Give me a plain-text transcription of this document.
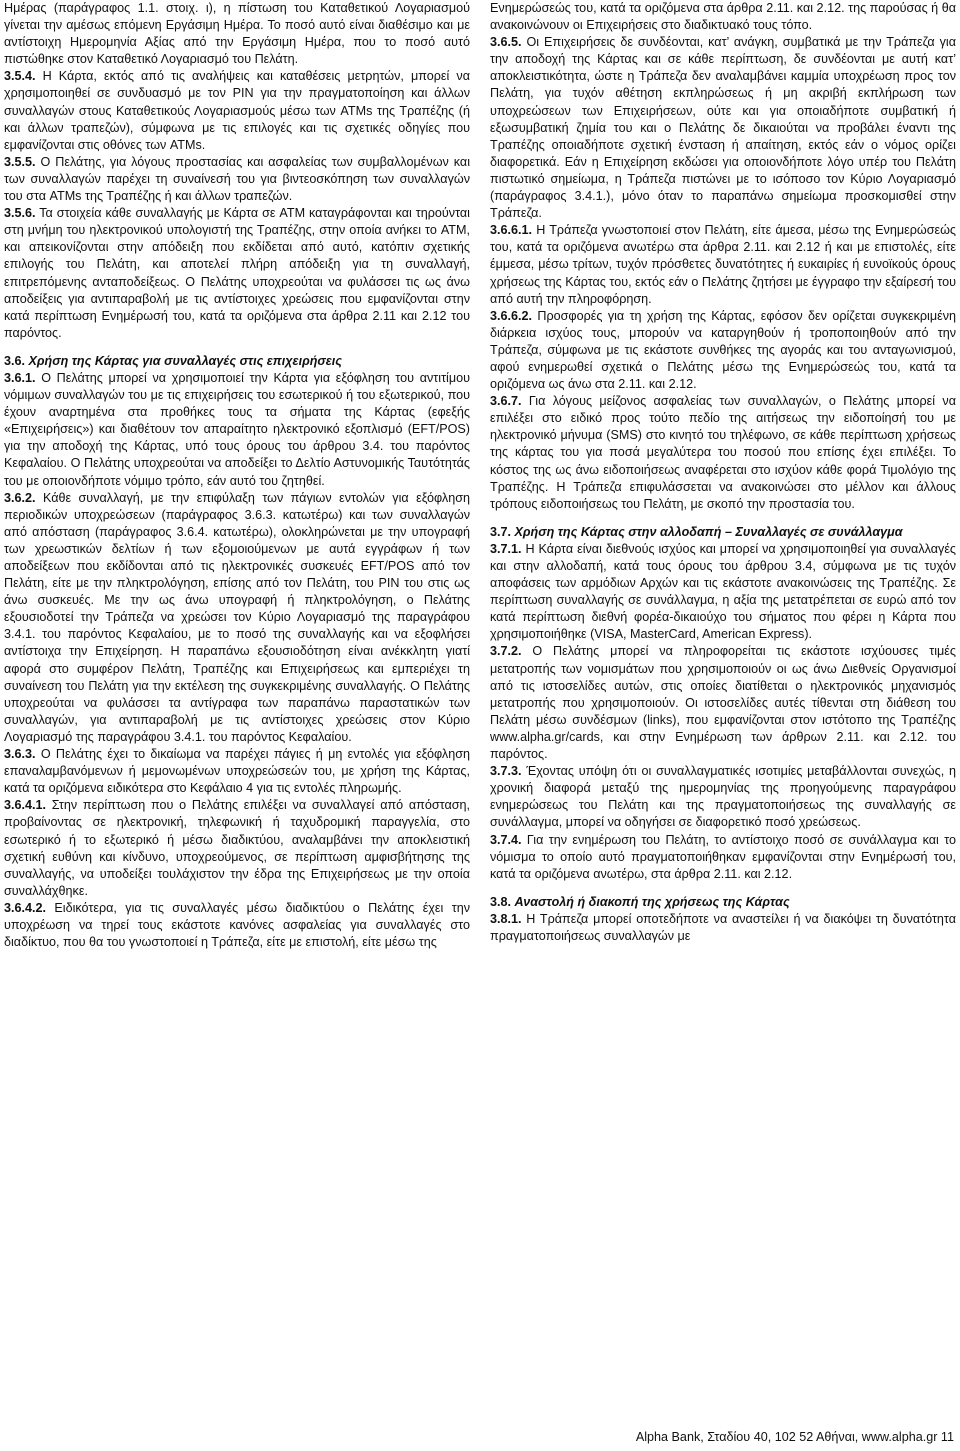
Ημέρας (παράγραφος 1.1. στοιχ. ι), η πίστωση του Καταθετικού Λογαριασμού γίνεται την αμέσως επόμενη Εργάσιμη Ημέρα. Το ποσό αυτό είναι διαθέσιμο και με αντίστοιχη Ημερομηνία Αξίας από την Εργάσιμη Ημέρα, που το ποσό αυτό πιστώθηκε στον Καταθετικό Λογαριασμό του Πελάτη.

3.5.4. Η Κάρτα, εκτός από τις αναλήψεις και καταθέσεις μετρητών, μπορεί να χρησιμοποιηθεί σε συνδυασμό με τον PIN για την πραγματοποίηση και άλλων συναλλαγών στους Καταθετικούς Λογαριασμούς μέσω των ATMs της Τραπέζης (ή και άλλων τραπεζών), σύμφωνα με τις επιλογές και τις σχετικές οδηγίες που εμφανίζονται στις οθόνες των ATMs.

3.5.5. Ο Πελάτης, για λόγους προστασίας και ασφαλείας των συμβαλλομένων και των συναλλαγών παρέχει τη συναίνεσή του για βιντεοσκόπηση των συναλλαγών του στα ATMs της Τραπέζης ή και άλλων τραπεζών.

3.5.6. Τα στοιχεία κάθε συναλλαγής με Κάρτα σε ATM καταγράφονται και τηρούνται στη μνήμη του ηλεκτρονικού υπολογιστή της Τραπέζης, στην οποία ανήκει το ATM, και απεικονίζονται στην απόδειξη που εκδίδεται από αυτό, κατόπιν σχετικής επιλογής του Πελάτη, και αποτελεί πλήρη απόδειξη για τη συναλλαγή, επιτρεπόμενης ανταποδείξεως. Ο Πελάτης υποχρεούται να φυλάσσει τις ως άνω αποδείξεις για αντιπαραβολή με τις αντίστοιχες χρεώσεις που εμφανίζονται στην κατά περίπτωση Ενημέρωσή του, κατά τα οριζόμενα στα άρθρα 2.11 και 2.12 του παρόντος.

3.6. Χρήση της Κάρτας για συναλλαγές στις επιχειρήσεις

3.6.1. Ο Πελάτης μπορεί να χρησιμοποιεί την Κάρτα για εξόφληση του αντιτίμου νόμιμων συναλλαγών του με τις επιχειρήσεις του εσωτερικού ή του εξωτερικού, που έχουν αναρτημένα στα προθήκες τους τα σήματα της Κάρτας (εφεξής «Επιχειρήσεις») και διαθέτουν τον απαραίτητο ηλεκτρονικό εξοπλισμό (EFT/POS) για την αποδοχή της Κάρτας, υπό τους όρους του άρθρου 3.4. του παρόντος Κεφαλαίου. Ο Πελάτης υποχρεούται να αποδείξει το Δελτίο Αστυνομικής Ταυτότητάς του με οποιονδήποτε νόμιμο τρόπο, εάν αυτό του ζητηθεί.

3.6.2. Κάθε συναλλαγή, με την επιφύλαξη των πάγιων εντολών για εξόφληση περιοδικών υποχρεώσεων (παράγραφος 3.6.3. κατωτέρω) και των συναλλαγών από απόσταση (παράγραφος 3.6.4. κατωτέρω), ολοκληρώνεται με την υπογραφή των χρεωστικών δελτίων ή των εξομοιούμενων με αυτά εγγράφων ή των αποδείξεων που εκδίδονται από τις ηλεκτρονικές συσκευές EFT/POS από τον Πελάτη, είτε με την πληκτρολόγηση, επίσης από τον Πελάτη, του PIN του στις ως άνω συσκευές. Με την ως άνω υπογραφή ή πληκτρολόγηση, ο Πελάτης εξουσιοδοτεί την Τράπεζα να χρεώσει τον Κύριο Λογαριασμό της παραγράφου 3.4.1. του παρόντος Κεφαλαίου, με το ποσό της συναλλαγής και να εξοφλήσει αντίστοιχα την Επιχείρηση. Η παραπάνω εξουσιοδότηση είναι ανέκκλητη γιατί αφορά στο συμφέρον Πελάτη, Τραπέζης και Επιχειρήσεως και εμπεριέχει τη συναίνεση του Πελάτη για την εκτέλεση της συγκεκριμένης συναλλαγής. Ο Πελάτης υποχρεούται να φυλάσσει τα αντίγραφα των παραπάνω παραστατικών των συναλλαγών, για αντιπαραβολή με τις αντίστοιχες χρεώσεις στον Κύριο Λογαριασμό της παραγράφου 3.4.1. του παρόντος Κεφαλαίου.

3.6.3. Ο Πελάτης έχει το δικαίωμα να παρέχει πάγιες ή μη εντολές για εξόφληση επαναλαμβανόμενων ή μεμονωμένων υποχρεώσεών του, με χρήση της Κάρτας, κατά τα οριζόμενα ειδικότερα στο Κεφάλαιο 4 για τις εντολές πληρωμής.

3.6.4.1. Στην περίπτωση που ο Πελάτης επιλέξει να συναλλαγεί από απόσταση, προβαίνοντας σε ηλεκτρονική, τηλεφωνική ή ταχυδρομική παραγγελία, στο εσωτερικό ή το εξωτερικό ή μέσω διαδικτύου, αναλαμβάνει την αποκλειστική σχετική ευθύνη και κίνδυνο, υποχρεούμενος, σε περίπτωση αμφισβήτησης της συναλλαγής, να υποδείξει τουλάχιστον την έδρα της Επιχειρήσεως με την οποία συναλλάχθηκε.

3.6.4.2. Ειδικότερα, για τις συναλλαγές μέσω διαδικτύου ο Πελάτης έχει την υποχρέωση να τηρεί τους εκάστοτε κανόνες ασφαλείας για συναλλαγές στο διαδίκτυο, που θα του γνωστοποιεί η Τράπεζα, είτε με επιστολή, είτε μέσω της

Ενημερώσεώς του, κατά τα οριζόμενα στα άρθρα 2.11. και 2.12. της παρούσας ή θα ανακοινώνουν οι Επιχειρήσεις στο διαδικτυακό τους τόπο.

3.6.5. Οι Επιχειρήσεις δε συνδέονται, κατ’ ανάγκη, συμβατικά με την Τράπεζα για την αποδοχή της Κάρτας και σε κάθε περίπτωση, δε συνδέονται με αυτή κατ’ αποκλειστικότητα, ώστε η Τράπεζα δεν αναλαμβάνει καμμία υποχρέωση προς τον Πελάτη, για τυχόν αθέτηση εκπληρώσεως ή μη ακριβή εκπλήρωση των υποχρεώσεων των Επιχειρήσεων, ούτε και για οποιαδήποτε συμβατική ή εξωσυμβατική ζημία του και ο Πελάτης δε δικαιούται να προβάλει έναντι της Τραπέζης οποιαδήποτε σχετική ένσταση ή απαίτηση, εκτός εάν ο νόμος ορίζει διαφορετικά. Εάν η Επιχείρηση εκδώσει για οποιονδήποτε λόγο υπέρ του Πελάτη πιστωτικό σημείωμα, η Τράπεζα πιστώνει με το ισόποσο τον Κύριο Λογαριασμό (παράγραφος 3.4.1.), μόνο όταν το παραπάνω σημείωμα προσκομισθεί στην Τράπεζα.

3.6.6.1. Η Τράπεζα γνωστοποιεί στον Πελάτη, είτε άμεσα, μέσω της Ενημερώσεώς του, κατά τα οριζόμενα ανωτέρω στα άρθρα 2.11. και 2.12 ή και με επιστολές, είτε έμμεσα, μέσω τρίτων, τυχόν πρόσθετες δυνατότητες ή ευκαιρίες ή ευνοϊκούς όρους χρήσεως της Κάρτας του, εκτός εάν ο Πελάτης ζητήσει με έγγραφο την εξαίρεσή του από αυτή την πληροφόρηση.

3.6.6.2. Προσφορές για τη χρήση της Κάρτας, εφόσον δεν ορίζεται συγκεκριμένη διάρκεια ισχύος τους, μπορούν να καταργηθούν ή τροποποιηθούν από την Τράπεζα, σύμφωνα με τις εκάστοτε συνθήκες της αγοράς και του ανταγωνισμού, αφού ενημερωθεί σχετικά ο Πελάτης μέσω της Ενημερώσεώς του, κατά τα οριζόμενα ως άνω στα 2.11. και 2.12.

3.6.7. Για λόγους μείζονος ασφαλείας των συναλλαγών, ο Πελάτης μπορεί να επιλέξει στο ειδικό προς τούτο πεδίο της αιτήσεως την ειδοποίησή του με ηλεκτρονικό μήνυμα (SMS) στο κινητό του τηλέφωνο, σε κάθε περίπτωση χρήσεως της κάρτας του για ποσά μεγαλύτερα του ποσού που επίσης έχει επιλέξει. Το κόστος της ως άνω ειδοποιήσεως αναφέρεται στο ισχύον κάθε φορά Τιμολόγιο της Τραπέζης. Η Τράπεζα επιφυλάσσεται να ανακοινώσει στο μέλλον και άλλους τρόπους ειδοποιήσεως του Πελάτη, με σκοπό την προστασία του.

3.7. Χρήση της Κάρτας στην αλλοδαπή – Συναλλαγές σε συνάλλαγμα

3.7.1. Η Κάρτα είναι διεθνούς ισχύος και μπορεί να χρησιμοποιηθεί για συναλλαγές και στην αλλοδαπή, κατά τους όρους του άρθρου 3.4, σύμφωνα με τις τυχόν αποφάσεις των αρμόδιων Αρχών και τις εκάστοτε ανακοινώσεις της Τραπέζης. Σε περίπτωση συναλλαγής σε συνάλλαγμα, η αξία της μετατρέπεται σε ευρώ από τον κατά περίπτωση διεθνή φορέα-δικαιούχο του σήματος που φέρει η Κάρτα που χρησιμοποιήθηκε (VISA, MasterCard, American Express).

3.7.2. Ο Πελάτης μπορεί να πληροφορείται τις εκάστοτε ισχύουσες τιμές μετατροπής των νομισμάτων που χρησιμοποιούν οι ως άνω Διεθνείς Οργανισμοί από τις ιστοσελίδες αυτών, στις οποίες διατίθεται ο ηλεκτρονικός μηχανισμός μετατροπής που χρησιμοποιούν. Οι ιστοσελίδες αυτές τίθενται στη διάθεση του Πελάτη μέσω συνδέσμων (links), που εμφανίζονται στον ιστότοπο της Τραπέζης www.alpha.gr/cards, και στην Ενημέρωση των άρθρων 2.11. και 2.12. του παρόντος.

3.7.3. Έχοντας υπόψη ότι οι συναλλαγματικές ισοτιμίες μεταβάλλονται συνεχώς, η χρονική διαφορά μεταξύ της ημερομηνίας της προηγούμενης παραγράφου ενημερώσεως του Πελάτη και της πραγματοποιήσεως της συναλλαγής σε συνάλλαγμα, μπορεί να οδηγήσει σε διαφορετικό ποσό χρεώσεως.

3.7.4. Για την ενημέρωση του Πελάτη, το αντίστοιχο ποσό σε συνάλλαγμα και το νόμισμα το οποίο αυτό πραγματοποιήθηκαν εμφανίζονται στην Ενημέρωσή του, κατά τα οριζόμενα ανωτέρω, στα άρθρα 2.11. και 2.12.

3.8. Αναστολή ή διακοπή της χρήσεως της Κάρτας

3.8.1. Η Τράπεζα μπορεί οποτεδήποτε να αναστείλει ή να διακόψει τη δυνατότητα πραγματοποιήσεως συναλλαγών με

Alpha Bank, Σταδίου 40, 102 52 Αθήναι, www.alpha.gr 11
